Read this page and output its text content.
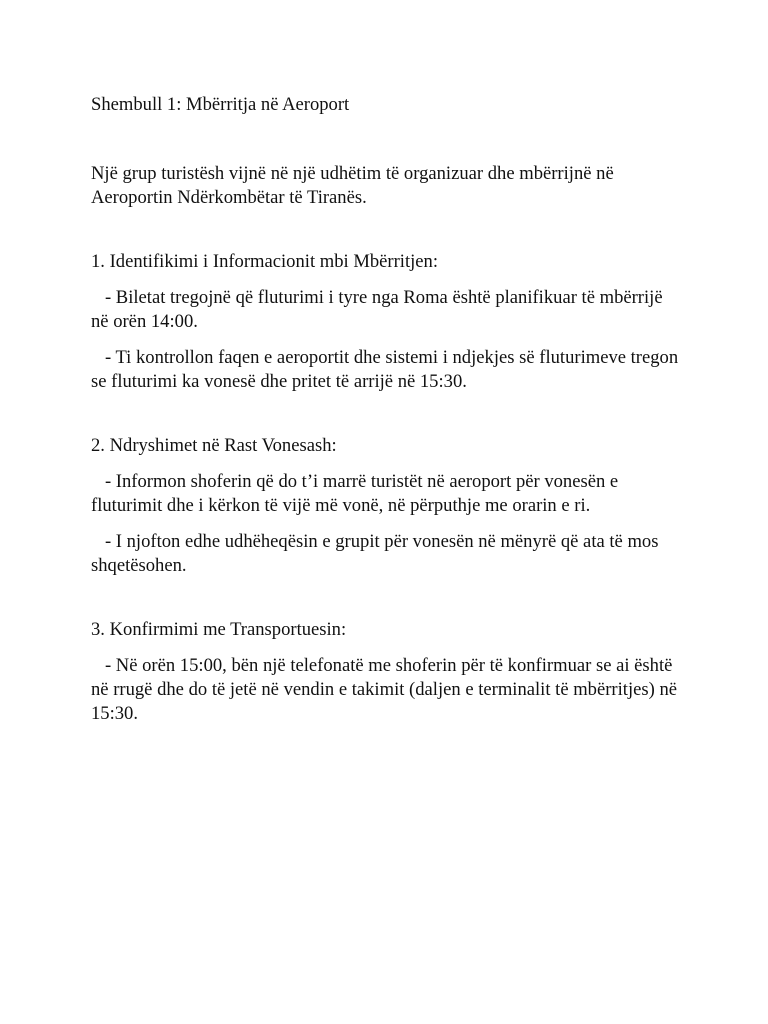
Shembull 1: Mbërritja në Aeroport

Një grup turistësh vijnë në një udhëtim të organizuar dhe mbërrijnë në Aeroportin Ndërkombëtar të Tiranës.

1. Identifikimi i Informacionit mbi Mbërritjen:

- Biletat tregojnë që fluturimi i tyre nga Roma është planifikuar të mbërrijë në orën 14:00.

- Ti kontrollon faqen e aeroportit dhe sistemi i ndjekjes së fluturimeve tregon se fluturimi ka vonesë dhe pritet të arrijë në 15:30.

2. Ndryshimet në Rast Vonesash:

- Informon shoferin që do t’i marrë turistët në aeroport për vonesën e fluturimit dhe i kërkon të vijë më vonë, në përputhje me orarin e ri.

- I njofton edhe udhëheqësin e grupit për vonesën në mënyrë që ata të mos shqetësohen.

3. Konfirmimi me Transportuesin:

- Në orën 15:00, bën një telefonatë me shoferin për të konfirmuar se ai është në rrugë dhe do të jetë në vendin e takimit (daljen e terminalit të mbërritjes) në 15:30.
